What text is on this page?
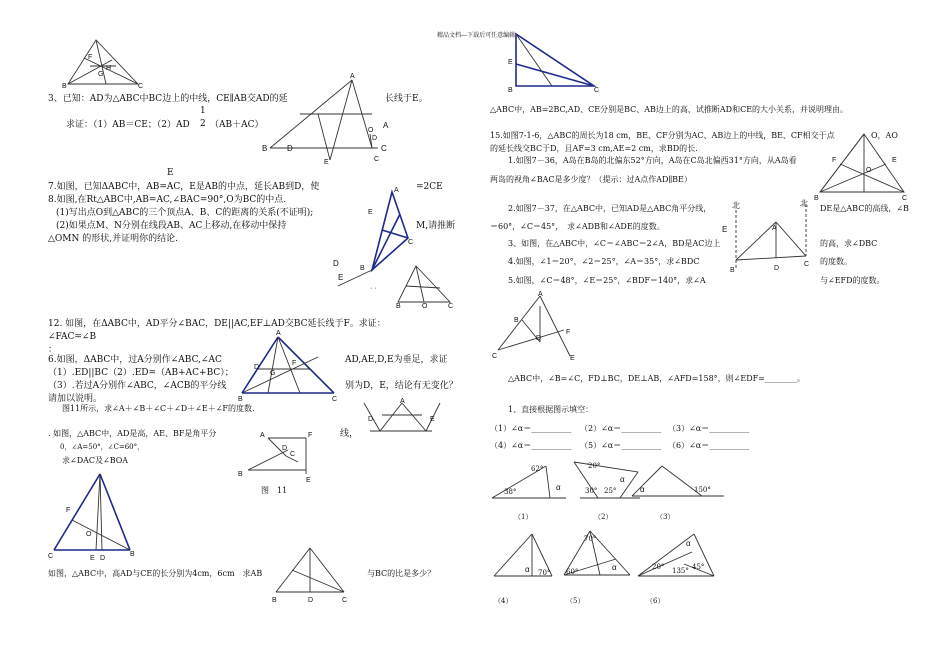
精品文档---下载后可任意编辑
B	C
F
H
G
3、已知：AD为△ABC中BC边上的中线，CE∥AB交AD的延	长线于E。
求证：（1）AB＝CE；（2）AD
1
2 （AB＋AC）
A
D
O
C
E
A
B D	C
E
7.如图，已知ΔABC中，AB=AC，E是AB的中点，延长AB到D，使	=2CE
8.如图,在Rt△ABC中,AB=AC,∠BAC=90°,O为BC的中点.
(1)写出点O到△ABC的三个顶点A、B、C的距离的关系(不证明);
(2)如果点M、N分别在线段AB、AC上移动,在移动中保持	M,请推断
△OMN 的形状,并证明你的结论.
A
E
B
C
D
E
B	O	C
· ·
12. 如图，在ΔABC中，AD平分∠BAC，DE||AC,EF⊥AD交BC延长线于F。求证：
∠FAC=∠B
：
6.如图，ΔABC中，过A分别作∠ABC,∠AC	AD,AE,D,E为垂足，求证
（1）.ED||BC（2）.ED=（AB+AC+BC）；
（3）.若过A分别作∠ABC，∠ACB的平分线	别为D，E，结论有无变化？
请加以说明。
A
D
G
F
B	C	A
D	E
图11所示，求∠A＋∠B＋∠C＋∠D＋∠E＋∠F的度数.
. 如图，△ABC中，AD是高，AE、BF是角平分	线，
0，∠A=50°，∠C=60°，
求∠DAC及∠BOA
A	F
D
C
B
E
图　11
F
O
C	E D
B
如图，△ABC中，高AD与CE的长分别为4cm，6cm　求AB	与BC的比是多少？
B	D	C
E
B	C
△ABC中，AB=2BC,AD、CE分别是BC、AB边上的高，试推断AD和CE的大小关系，并说明理由。
15.如图7-1-6，△ABC的周长为18 cm，BE、CF分别为AC、AB边上的中线，BE、CF相交于点	O，AO
的延长线交BC于D，且AF=3 cm,AE=2 cm，求BD的长.
F
O
E
B	C
1.如图7－36，A岛在B岛的北偏东52°方向，A岛在C岛北偏西31°方向，从A岛看
两岛的视角∠BAC是多少度？（提示：过A点作AD∥BE）
2.如图7－37，在△ABC中，已知AD是△ABC角平分线，	DE是△ABC的高线，∠B
＝60°，∠C＝45°，　求∠ADB和∠ADE的度数。	A
B	D
C
北	北
E
3、如图，在△ABC中，∠C＝∠ABC＝2∠A，BD是AC边上	的高，求∠DBC
的度数。
4.如图，∠1＝20°，∠2＝25°，∠A＝35°，求∠BDC
5.如图，∠C＝48°，∠E＝25°，∠BDF＝140°，求∠A	与∠EFD的度数。
A
B
D
C
F
E
△ABC中，∠B=∠C，FD⊥BC，DE⊥AB，∠AFD=158°，则∠EDF=________。
1、直接根据图示填空：
（1）∠α＝__________ （2）∠α＝__________ （3）∠α＝__________
（4）∠α＝__________ （5）∠α＝__________ （6）∠α＝__________
62°
38°	α
20°
30° 25°
α
150°
α
（1）	（2）	（3）
70°
α
70°
60°	α	20° 135° 45°
α
（4）	（5）	（6）
